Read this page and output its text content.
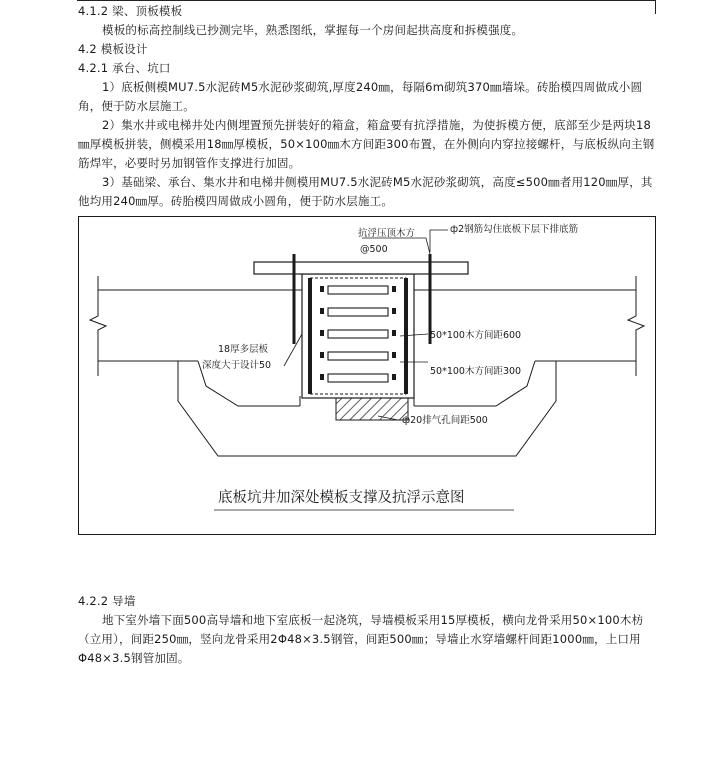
4.1.2 梁、顶板模板
模板的标高控制线已抄测完毕，熟悉图纸，掌握每一个房间起拱高度和拆模强度。
4.2 模板设计
4.2.1 承台、坑口
1）底板侧模MU7.5水泥砖M5水泥砂浆砌筑,厚度240㎜，每隔6m砌筑370㎜墙垛。砖胎模四周做成小圆角，便于防水层施工。
2）集水井或电梯井处内侧埋置预先拼装好的箱盒，箱盒要有抗浮措施，为使拆模方便，底部至少是两块18㎜厚模板拼装，侧模采用18㎜厚模板，50×100㎜木方间距300布置，在外侧向内穿拉接螺杆，与底板纵向主钢筋焊牢，必要时另加钢管作支撑进行加固。
3）基础梁、承台、集水井和电梯井侧模用MU7.5水泥砖M5水泥砂浆砌筑，高度≤500㎜者用120㎜厚，其他均用240㎜厚。砖胎模四周做成小圆角，便于防水层施工。
抗浮压顶木方
@500
ф2钢筋勾住底板下层下排底筋
18厚多层板
深度大于设计50
50*100木方间距600
50*100木方间距300
ф20排气孔间距500
底板坑井加深处模板支撑及抗浮示意图
4.2.2 导墙
地下室外墙下面500高导墙和地下室底板一起浇筑，导墙模板采用15厚模板，横向龙骨采用50×100木枋（立用），间距250㎜，竖向龙骨采用2Φ48×3.5钢管，间距500㎜；导墙止水穿墙螺杆间距1000㎜，上口用Φ48×3.5钢管加固。
